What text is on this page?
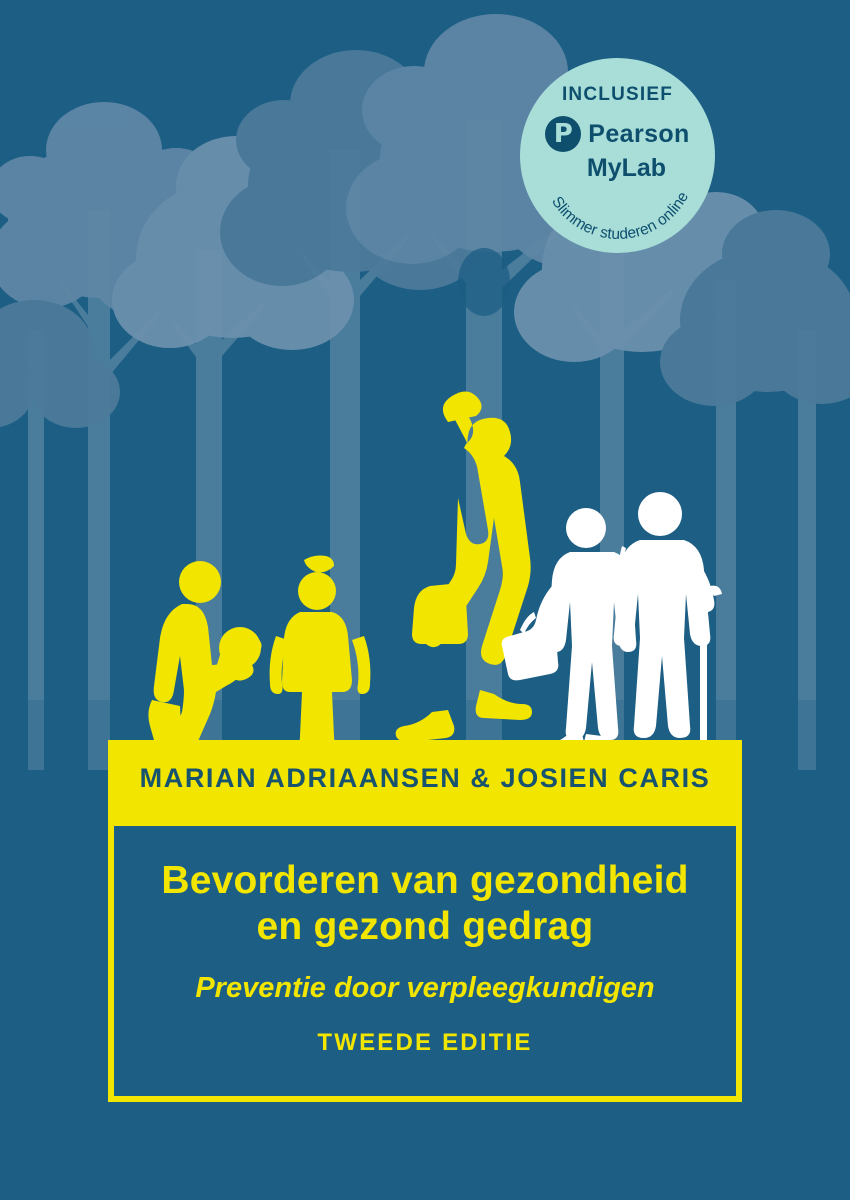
INCLUSIEF
P Pearson
MyLab
Slimmer studeren online
MARIAN ADRIAANSEN & JOSIEN CARIS
Bevorderen van gezondheid
en gezond gedrag
Preventie door verpleegkundigen
TWEEDE EDITIE
